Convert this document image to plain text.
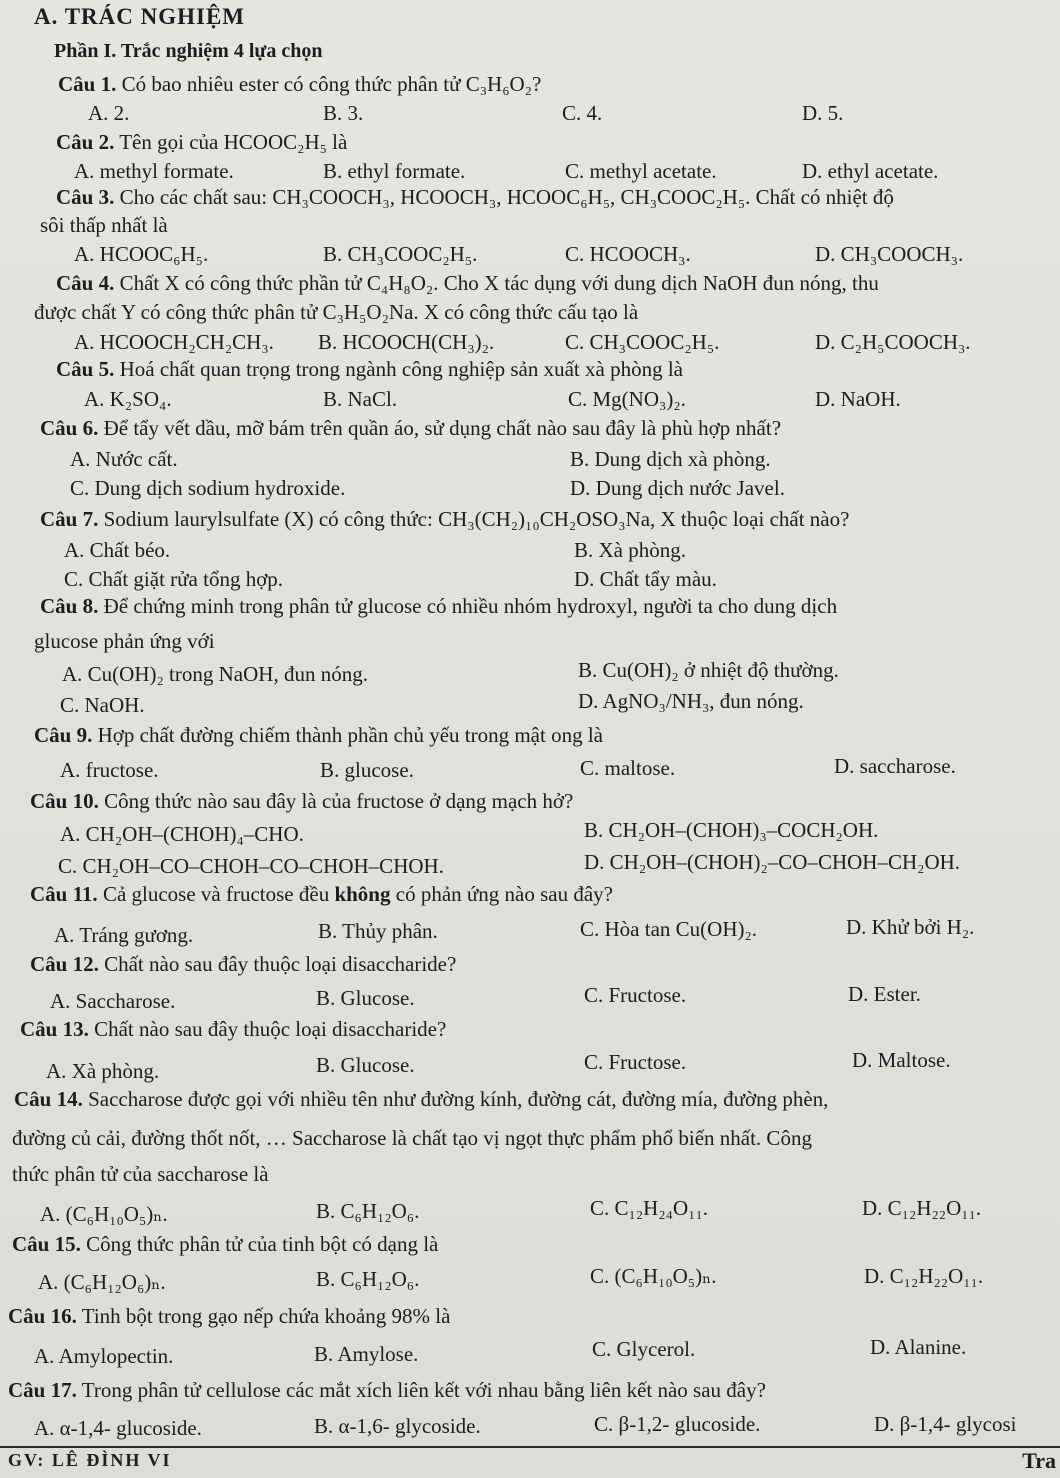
A. TRÁC NGHIỆM
Phần I. Trắc nghiệm 4 lựa chọn
Câu 1. Có bao nhiêu ester có công thức phân tử C₃H₆O₂?
A. 2.	B. 3.	C. 4.	D. 5.
Câu 2. Tên gọi của HCOOC₂H₅ là
A. methyl formate.	B. ethyl formate.	C. methyl acetate.	D. ethyl acetate.
Câu 3. Cho các chất sau: CH₃COOCH₃, HCOOCH₃, HCOOC₆H₅, CH₃COOC₂H₅. Chất có nhiệt độ
sôi thấp nhất là
A. HCOOC₆H₅.	B. CH₃COOC₂H₅.	C. HCOOCH₃.	D. CH₃COOCH₃.
Câu 4. Chất X có công thức phần tử C₄H₈O₂. Cho X tác dụng với dung dịch NaOH đun nóng, thu
được chất Y có công thức phân tử C₃H₅O₂Na. X có công thức cấu tạo là
A. HCOOCH₂CH₂CH₃. B. HCOOCH(CH₃)₂.	C. CH₃COOC₂H₅.	D. C₂H₅COOCH₃.
Câu 5. Hoá chất quan trọng trong ngành công nghiệp sản xuất xà phòng là
A. K₂SO₄.	B. NaCl.	C. Mg(NO₃)₂.	D. NaOH.
Câu 6. Để tẩy vết dầu, mỡ bám trên quần áo, sử dụng chất nào sau đây là phù hợp nhất?
A. Nước cất.	B. Dung dịch xà phòng.
C. Dung dịch sodium hydroxide.	D. Dung dịch nước Javel.
Câu 7. Sodium laurylsulfate (X) có công thức: CH₃(CH₂)₁₀CH₂OSO₃Na, X thuộc loại chất nào?
A. Chất béo.	B. Xà phòng.
C. Chất giặt rửa tổng hợp.	D. Chất tẩy màu.
Câu 8. Để chứng minh trong phân tử glucose có nhiều nhóm hydroxyl, người ta cho dung dịch
glucose phản ứng với
A. Cu(OH)₂ trong NaOH, đun nóng.	B. Cu(OH)₂ ở nhiệt độ thường.
C. NaOH.	D. AgNO₃/NH₃, đun nóng.
Câu 9. Hợp chất đường chiếm thành phần chủ yếu trong mật ong là
A. fructose.	B. glucose.	C. maltose.	D. saccharose.
Câu 10. Công thức nào sau đây là của fructose ở dạng mạch hở?
A. CH₂OH–(CHOH)₄–CHO.	B. CH₂OH–(CHOH)₃–COCH₂OH.
C. CH₂OH–CO–CHOH–CO–CHOH–CHOH.	D. CH₂OH–(CHOH)₂–CO–CHOH–CH₂OH.
Câu 11. Cả glucose và fructose đều không có phản ứng nào sau đây?
A. Tráng gương.	B. Thủy phân.	C. Hòa tan Cu(OH)₂.	D. Khử bởi H₂.
Câu 12. Chất nào sau đây thuộc loại disaccharide?
A. Saccharose.	B. Glucose.	C. Fructose.	D. Ester.
Câu 13. Chất nào sau đây thuộc loại disaccharide?
A. Xà phòng.	B. Glucose.	C. Fructose.	D. Maltose.
Câu 14. Saccharose được gọi với nhiều tên như đường kính, đường cát, đường mía, đường phèn,
đường củ cải, đường thốt nốt, … Saccharose là chất tạo vị ngọt thực phẩm phổ biến nhất. Công
thức phân tử của saccharose là
A. (C₆H₁₀O₅)ₙ.	B. C₆H₁₂O₆.	C. C₁₂H₂₄O₁₁.	D. C₁₂H₂₂O₁₁.
Câu 15. Công thức phân tử của tinh bột có dạng là
A. (C₆H₁₂O₆)ₙ.	B. C₆H₁₂O₆.	C. (C₆H₁₀O₅)ₙ.	D. C₁₂H₂₂O₁₁.
Câu 16. Tinh bột trong gạo nếp chứa khoảng 98% là
A. Amylopectin.	B. Amylose.	C. Glycerol.	D. Alanine.
Câu 17. Trong phân tử cellulose các mắt xích liên kết với nhau bằng liên kết nào sau đây?
A. α-1,4- glucoside.	B. α-1,6- glycoside.	C. β-1,2- glucoside.	D. β-1,4- glycosi
GV: LÊ ĐÌNH VI	Tra
